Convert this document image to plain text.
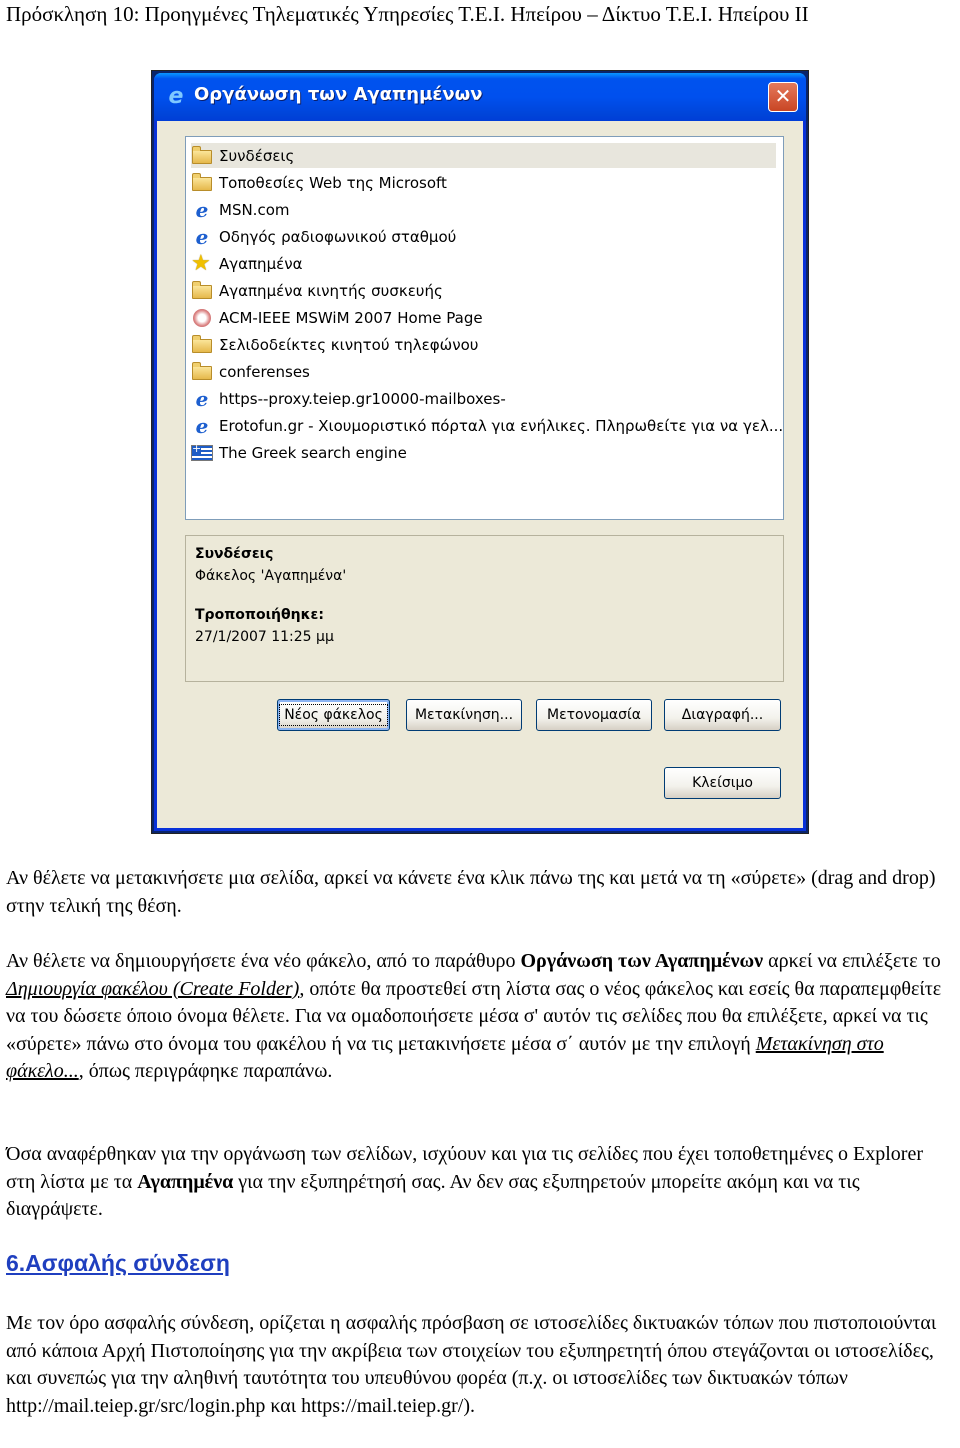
Πρόσκληση 10: Προηγμένες Τηλεματικές Υπηρεσίες Τ.Ε.Ι. Ηπείρου – Δίκτυο Τ.Ε.Ι. Ηπείρου ΙΙ
e Οργάνωση των Αγαπημένων	✕
Συνδέσεις
Τοποθεσίες Web της Microsoft
e MSN.com
e Οδηγός ραδιοφωνικού σταθμού
★ Αγαπημένα
Αγαπημένα κινητής συσκευής
ACM-IEEE MSWiM 2007 Home Page
Σελιδοδείκτες κινητού τηλεφώνου
conferenses
e https--proxy.teiep.gr10000-mailboxes-
e Erotofun.gr - Χιουμοριστικό πόρταλ για ενήλικες. Πληρωθείτε για να γελ...
+
The Greek search engine
Συνδέσεις
Φάκελος 'Αγαπημένα'
Τροποποιήθηκε:
27/1/2007 11:25 μμ
Νέος φάκελος Μετακίνηση... Μετονομασία	Διαγραφή...
Κλείσιμο
Αν θέλετε να μετακινήσετε μια σελίδα, αρκεί να κάνετε ένα κλικ πάνω της και μετά να τη «σύρετε» (drag and drop) στην τελική της θέση.
Αν θέλετε να δημιουργήσετε ένα νέο φάκελο, από το παράθυρο Οργάνωση των Αγαπημένων αρκεί να επιλέξετε το Δημιουργία φακέλου (Create Folder), οπότε θα προστεθεί στη λίστα σας ο νέος φάκελος και εσείς θα παραπεμφθείτε να του δώσετε όποιο όνομα θέλετε. Για να ομαδοποιήσετε μέσα σ' αυτόν τις σελίδες που θα επιλέξετε, αρκεί να τις «σύρετε» πάνω στο όνομα του φακέλου ή να τις μετακινήσετε μέσα σ΄ αυτόν με την επιλογή Μετακίνηση στο φάκελο..., όπως περιγράφηκε παραπάνω.
Όσα αναφέρθηκαν για την οργάνωση των σελίδων, ισχύουν και για τις σελίδες που έχει τοποθετημένες ο Explorer στη λίστα με τα Αγαπημένα για την εξυπηρέτησή σας. Αν δεν σας εξυπηρετούν μπορείτε ακόμη και να τις διαγράψετε.
6.Ασφαλής σύνδεση
Με τον όρο ασφαλής σύνδεση, ορίζεται η ασφαλής πρόσβαση σε ιστοσελίδες δικτυακών τόπων που πιστοποιούνται από κάποια Αρχή Πιστοποίησης για την ακρίβεια των στοιχείων του εξυπηρετητή όπου στεγάζονται οι ιστοσελίδες, και συνεπώς για την αληθινή ταυτότητα του υπευθύνου φορέα (π.χ. οι ιστοσελίδες των δικτυακών τόπων http://mail.teiep.gr/src/login.php και https://mail.teiep.gr/).
